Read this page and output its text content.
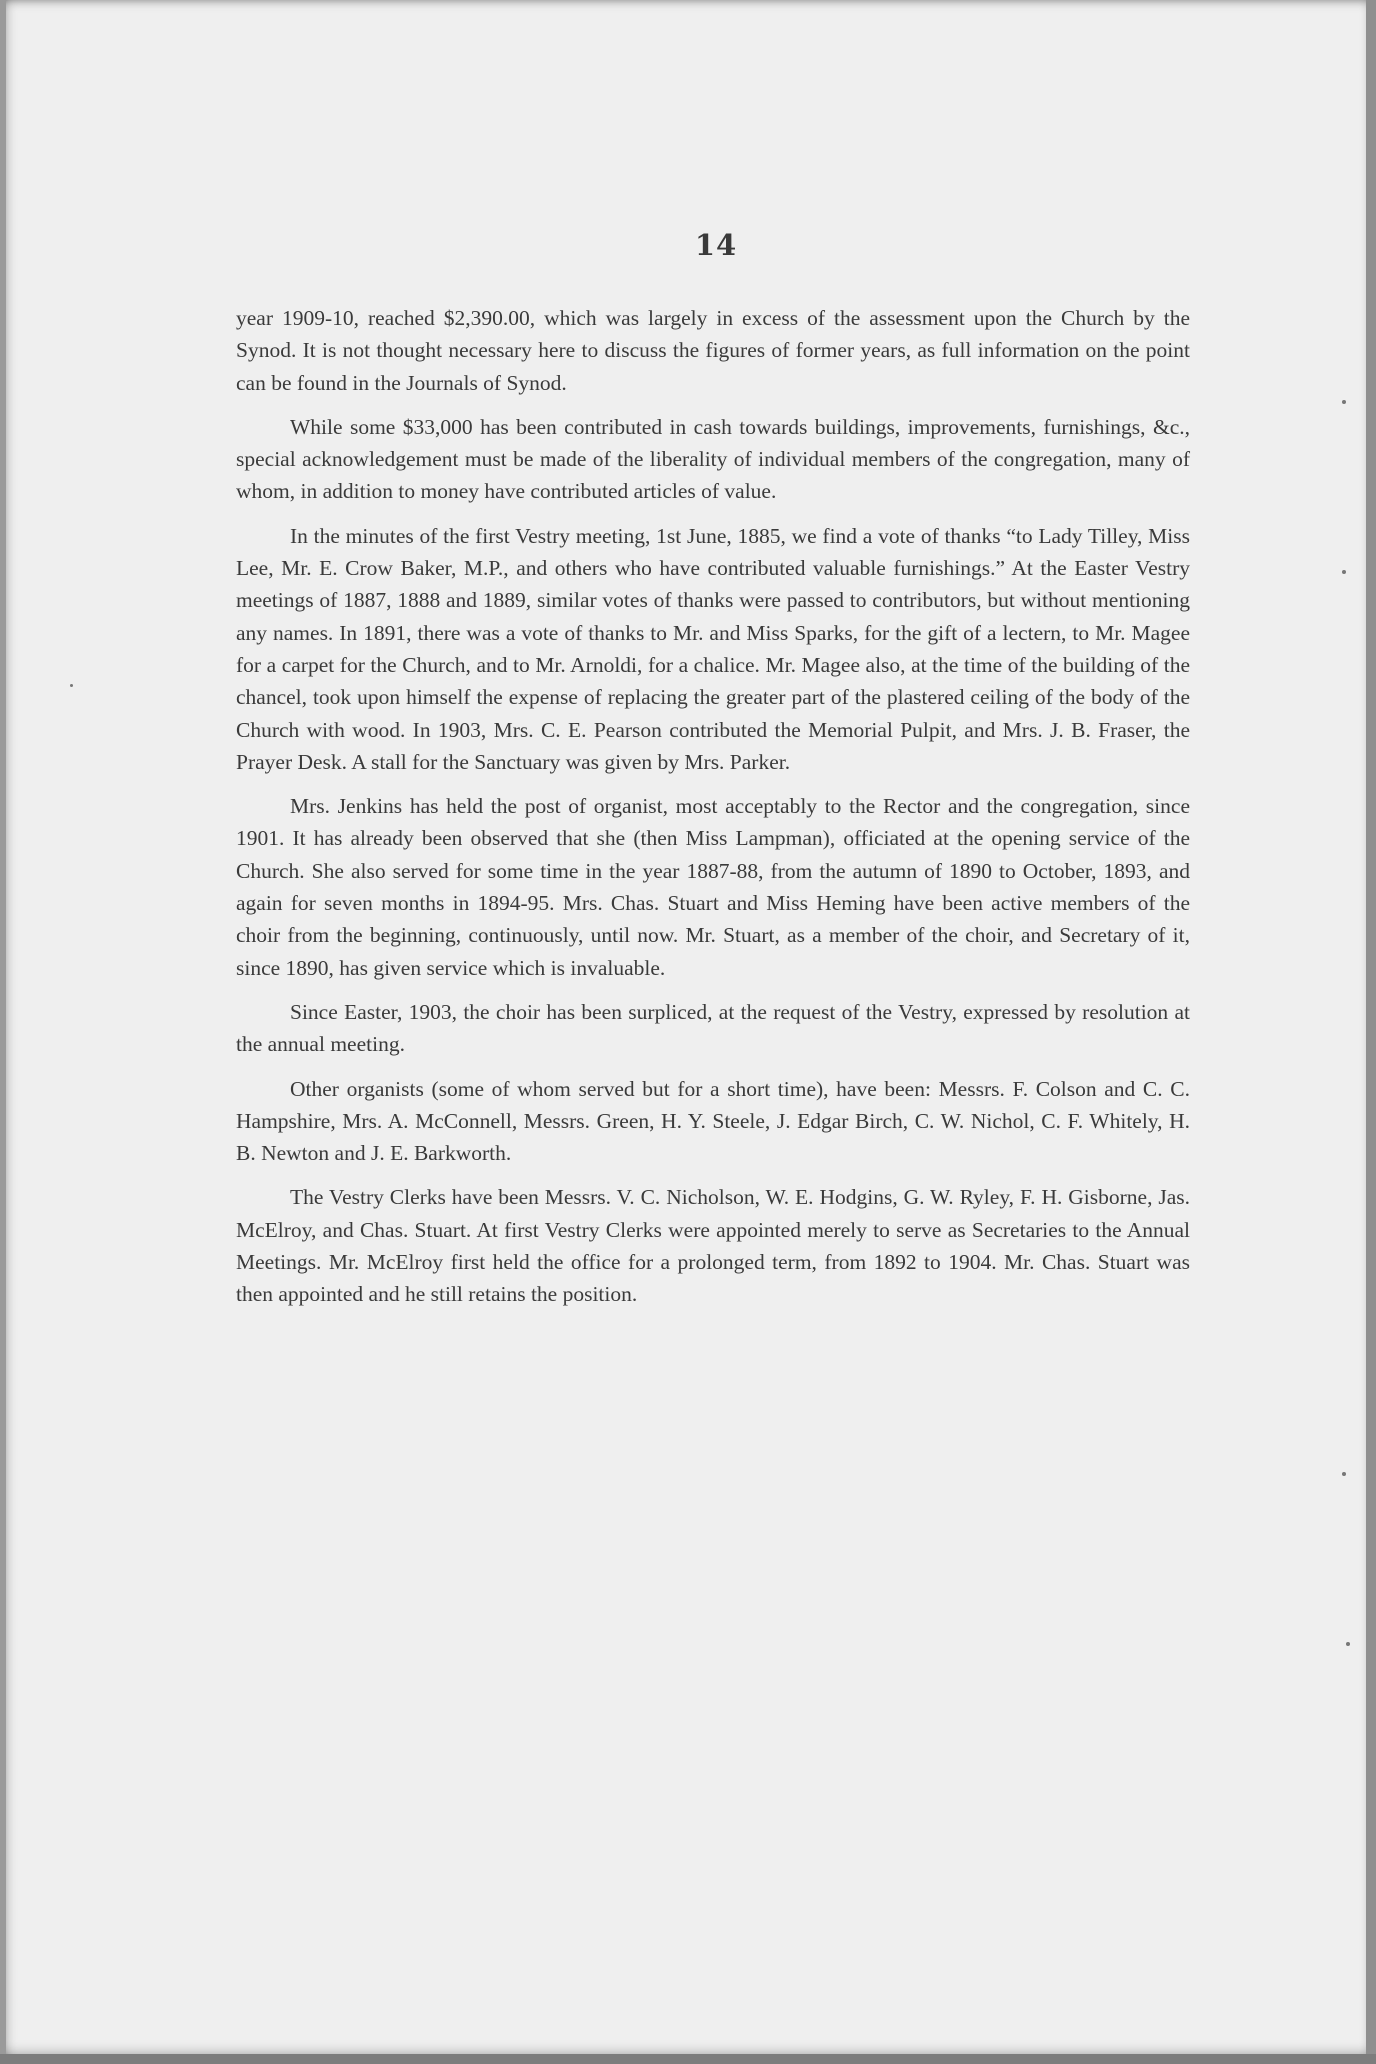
14

year 1909-10, reached $2,390.00, which was largely in excess of the assessment upon the Church by the Synod. It is not thought necessary here to discuss the figures of former years, as full information on the point can be found in the Journals of Synod.

While some $33,000 has been contributed in cash towards buildings, improvements, furnishings, &c., special acknowledgement must be made of the liberality of individual members of the congregation, many of whom, in addition to money have contributed articles of value.

In the minutes of the first Vestry meeting, 1st June, 1885, we find a vote of thanks “to Lady Tilley, Miss Lee, Mr. E. Crow Baker, M.P., and others who have contributed valuable furnishings.” At the Easter Vestry meetings of 1887, 1888 and 1889, similar votes of thanks were passed to contributors, but without mentioning any names. In 1891, there was a vote of thanks to Mr. and Miss Sparks, for the gift of a lectern, to Mr. Magee for a carpet for the Church, and to Mr. Arnoldi, for a chalice. Mr. Magee also, at the time of the building of the chancel, took upon himself the expense of replacing the greater part of the plastered ceiling of the body of the Church with wood. In 1903, Mrs. C. E. Pearson contributed the Memorial Pulpit, and Mrs. J. B. Fraser, the Prayer Desk. A stall for the Sanctuary was given by Mrs. Parker.

Mrs. Jenkins has held the post of organist, most acceptably to the Rector and the congregation, since 1901. It has already been observed that she (then Miss Lampman), officiated at the opening service of the Church. She also served for some time in the year 1887-88, from the autumn of 1890 to October, 1893, and again for seven months in 1894-95. Mrs. Chas. Stuart and Miss Heming have been active members of the choir from the beginning, continuously, until now. Mr. Stuart, as a member of the choir, and Secretary of it, since 1890, has given service which is invaluable.

Since Easter, 1903, the choir has been surpliced, at the request of the Vestry, expressed by resolution at the annual meeting.

Other organists (some of whom served but for a short time), have been: Messrs. F. Colson and C. C. Hampshire, Mrs. A. McConnell, Messrs. Green, H. Y. Steele, J. Edgar Birch, C. W. Nichol, C. F. Whitely, H. B. Newton and J. E. Barkworth.

The Vestry Clerks have been Messrs. V. C. Nicholson, W. E. Hodgins, G. W. Ryley, F. H. Gisborne, Jas. McElroy, and Chas. Stuart. At first Vestry Clerks were appointed merely to serve as Secretaries to the Annual Meetings. Mr. McElroy first held the office for a prolonged term, from 1892 to 1904. Mr. Chas. Stuart was then appointed and he still retains the position.
